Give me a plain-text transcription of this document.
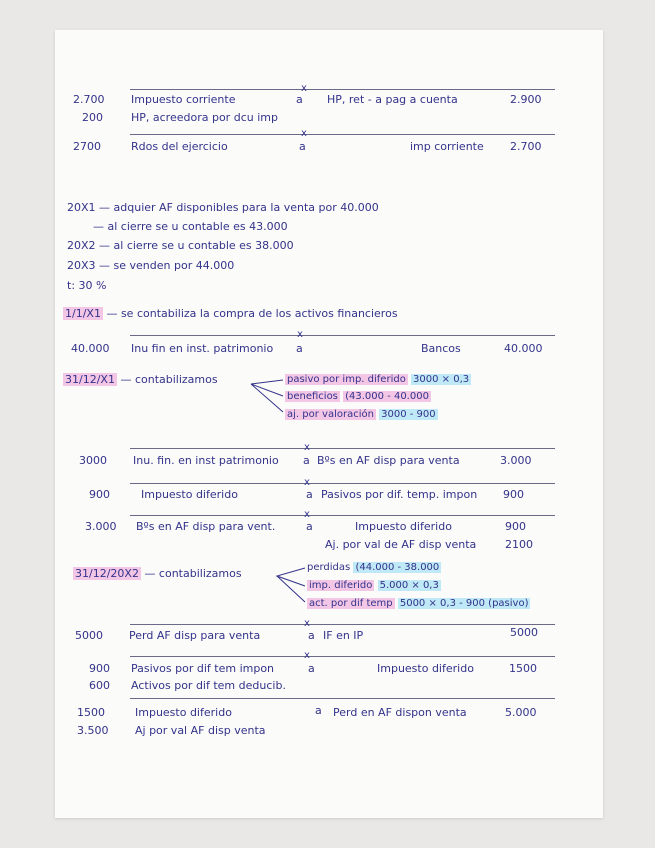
x
2.700 Impuesto corriente	a HP, ret - a pag a cuenta	2.900
200	HP, acreedora por dcu imp
x
2700	Rdos del ejercicio	a	imp corriente 2.700
20X1 — adquier AF disponibles para la venta por 40.000
— al cierre se u contable es 43.000
20X2 — al cierre se u contable es 38.000
20X3 — se venden por 44.000
t: 30 %
1/1/X1 — se contabiliza la compra de los activos financieros
x
40.000 Inu fin en inst. patrimonio a	Bancos	40.000
31/12/X1 — contabilizamos	pasivo por imp. diferido 3000 × 0,3
beneficios (43.000 - 40.000
aj. por valoración 3000 - 900
x
3000 Inu. fin. en inst patrimonio a Bºs en AF disp para venta	3.000
x
900	Impuesto diferido	a Pasivos por dif. temp. impon 900
x
3.000 Bºs en AF disp para vent.	a	Impuesto diferido	900
Aj. por val de AF disp venta	2100
31/12/20X2 — contabilizamos	perdidas (44.000 - 38.000
imp. diferido 5.000 × 0,3
act. por dif temp 5000 × 0,3 - 900 (pasivo)
x
5000 Perd AF disp para venta	a IF en IP	5000
x
900 Pasivos por dif tem impon	a	Impuesto diferido	1500
600 Activos por dif tem deducib.
1500	Impuesto diferido	a Perd en AF dispon venta	5.000
3.500 Aj por val AF disp venta
